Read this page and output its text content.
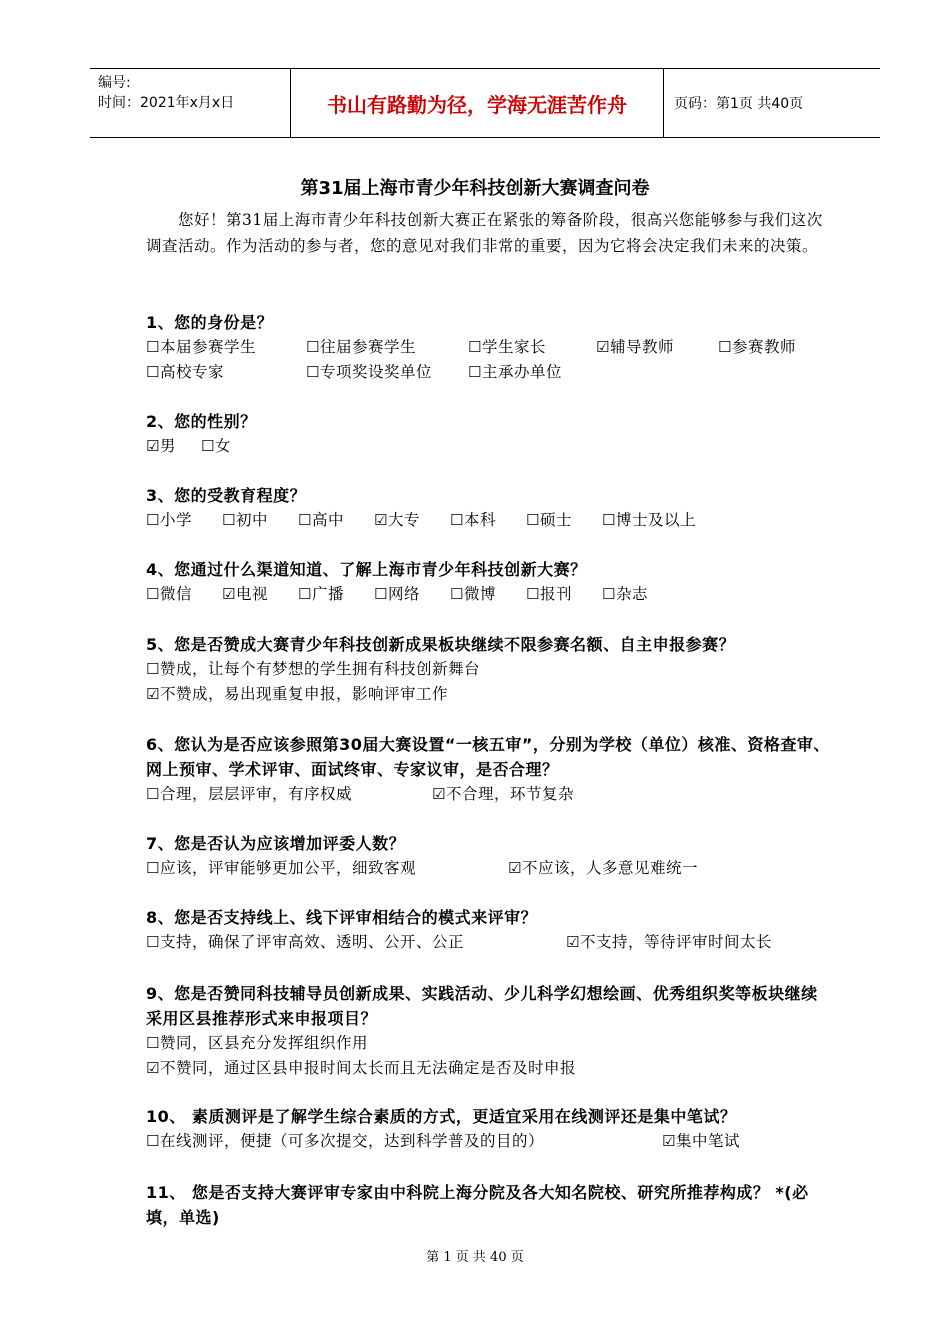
编号:
时间：2021年x月x日	书山有路勤为径，学海无涯苦作舟	页码：第1页 共40页
第31届上海市青少年科技创新大赛调查问卷
您好！第31届上海市青少年科技创新大赛正在紧张的筹备阶段，很高兴您能够参与我们这次调查活动。作为活动的参与者，您的意见对我们非常的重要，因为它将会决定我们未来的决策。
1、您的身份是？
☐本届参赛学生	☐往届参赛学生	☐学生家长	☑辅导教师	☐参赛教师
☐高校专家	☐专项奖设奖单位 ☐主承办单位
2、您的性别？
☑男 ☐女
3、您的受教育程度？
☐小学 ☐初中 ☐高中 ☑大专 ☐本科 ☐硕士 ☐博士及以上
4、您通过什么渠道知道、了解上海市青少年科技创新大赛？
☐微信 ☑电视 ☐广播 ☐网络 ☐微博 ☐报刊 ☐杂志
5、您是否赞成大赛青少年科技创新成果板块继续不限参赛名额、自主申报参赛？
☐赞成，让每个有梦想的学生拥有科技创新舞台
☑不赞成，易出现重复申报，影响评审工作
6、您认为是否应该参照第30届大赛设置“一核五审”，分别为学校（单位）核准、资格查审、网上预审、学术评审、面试终审、专家议审，是否合理？
☐合理，层层评审，有序权威	☑不合理，环节复杂
7、您是否认为应该增加评委人数？
☐应该，评审能够更加公平，细致客观	☑不应该，人多意见难统一
8、您是否支持线上、线下评审相结合的模式来评审？
☐支持，确保了评审高效、透明、公开、公正	☑不支持，等待评审时间太长
9、您是否赞同科技辅导员创新成果、实践活动、少儿科学幻想绘画、优秀组织奖等板块继续采用区县推荐形式来申报项目？
☐赞同，区县充分发挥组织作用
☑不赞同，通过区县申报时间太长而且无法确定是否及时申报
10、 素质测评是了解学生综合素质的方式，更适宜采用在线测评还是集中笔试？
☐在线测评，便捷（可多次提交，达到科学普及的目的）	☑集中笔试
11、 您是否支持大赛评审专家由中科院上海分院及各大知名院校、研究所推荐构成？ *(必填，单选)
第 1 页 共 40 页
